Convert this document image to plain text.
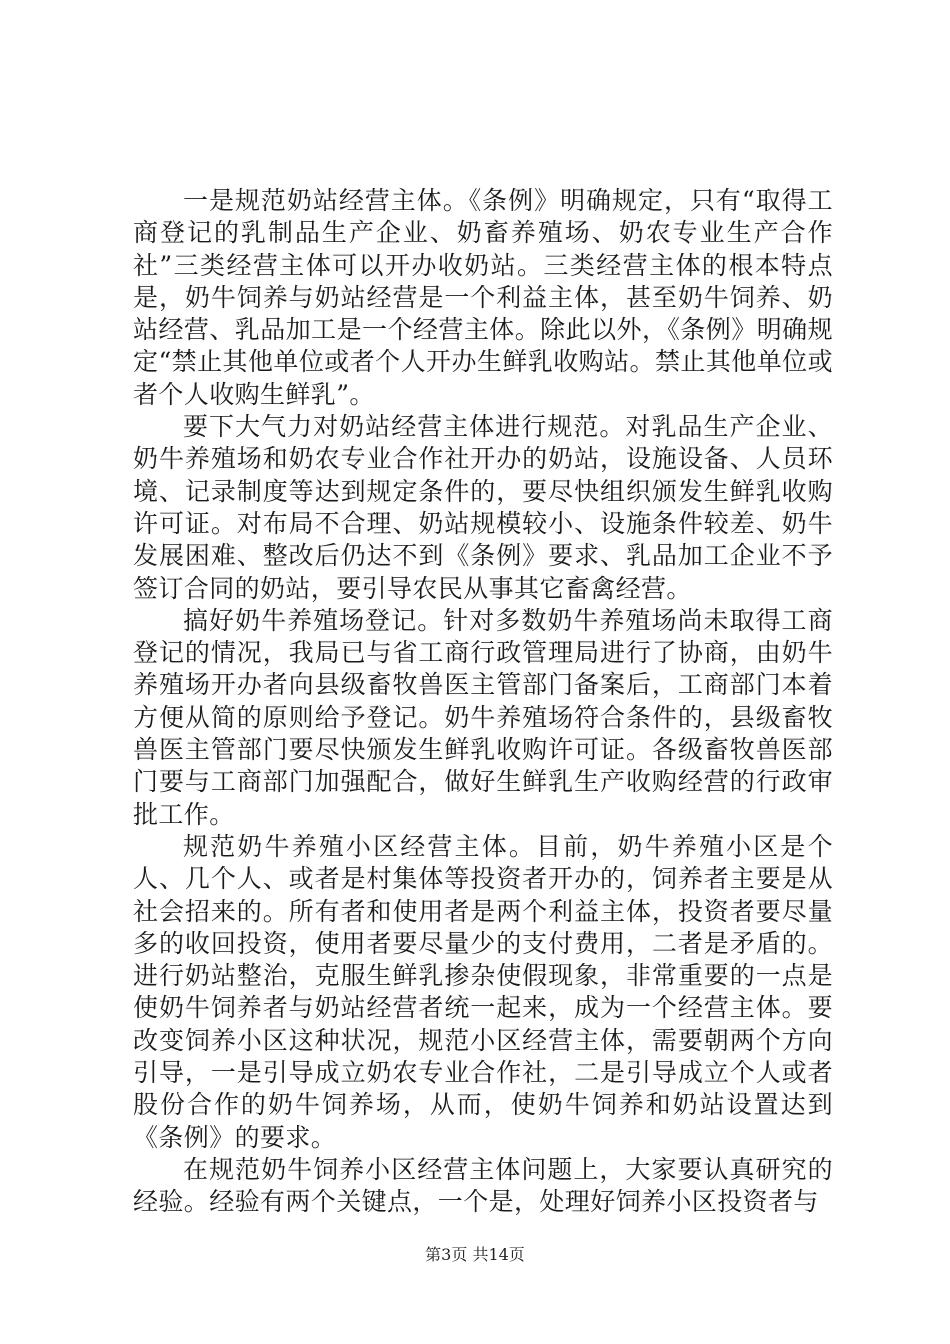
一是规范奶站经营主体。《条例》明确规定，只有“取得工商登记的乳制品生产企业、奶畜养殖场、奶农专业生产合作社”三类经营主体可以开办收奶站。三类经营主体的根本特点是，奶牛饲养与奶站经营是一个利益主体，甚至奶牛饲养、奶站经营、乳品加工是一个经营主体。除此以外，《条例》明确规定“禁止其他单位或者个人开办生鲜乳收购站。禁止其他单位或者个人收购生鲜乳”。

要下大气力对奶站经营主体进行规范。对乳品生产企业、奶牛养殖场和奶农专业合作社开办的奶站，设施设备、人员环境、记录制度等达到规定条件的，要尽快组织颁发生鲜乳收购许可证。对布局不合理、奶站规模较小、设施条件较差、奶牛发展困难、整改后仍达不到《条例》要求、乳品加工企业不予签订合同的奶站，要引导农民从事其它畜禽经营。

搞好奶牛养殖场登记。针对多数奶牛养殖场尚未取得工商登记的情况，我局已与省工商行政管理局进行了协商，由奶牛养殖场开办者向县级畜牧兽医主管部门备案后，工商部门本着方便从简的原则给予登记。奶牛养殖场符合条件的，县级畜牧兽医主管部门要尽快颁发生鲜乳收购许可证。各级畜牧兽医部门要与工商部门加强配合，做好生鲜乳生产收购经营的行政审批工作。

规范奶牛养殖小区经营主体。目前，奶牛养殖小区是个人、几个人、或者是村集体等投资者开办的，饲养者主要是从社会招来的。所有者和使用者是两个利益主体，投资者要尽量多的收回投资，使用者要尽量少的支付费用，二者是矛盾的。进行奶站整治，克服生鲜乳掺杂使假现象，非常重要的一点是使奶牛饲养者与奶站经营者统一起来，成为一个经营主体。要改变饲养小区这种状况，规范小区经营主体，需要朝两个方向引导，一是引导成立奶农专业合作社，二是引导成立个人或者股份合作的奶牛饲养场，从而，使奶牛饲养和奶站设置达到《条例》的要求。

在规范奶牛饲养小区经营主体问题上，大家要认真研究的经验。经验有两个关键点，一个是，处理好饲养小区投资者与

第3页 共14页
